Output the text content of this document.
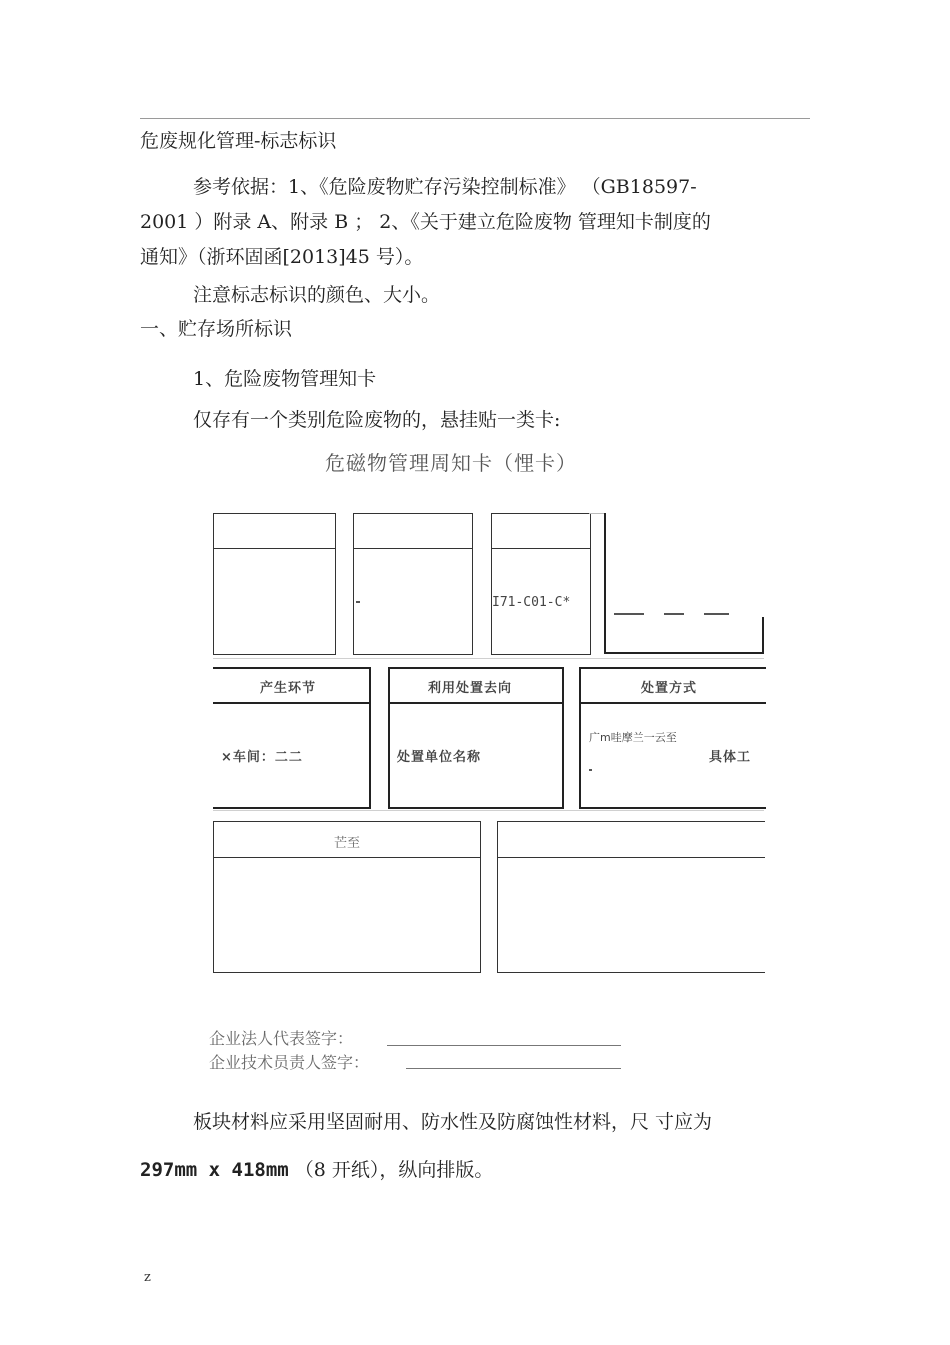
危废规化管理-标志标识
参考依据：1、《危险废物贮存污染控制标准》 （GB18597-
2001 ）附录 A、附录 B ； 2、《关于建立危险废物 管理知卡制度的
通知》（浙环固函[2013]45 号）。
注意标志标识的颜色、大小。
一、贮存场所标识
1、危险废物管理知卡
仅存有一个类别危险废物的，悬挂贴一类卡:
危磁物管理周知卡（悝卡）
I71-C01-C*
产生环节
×车间：二二
利用处置去向
处置单位名称
处置方式
广m哇摩兰一云至
具体工
芒至
企业法人代表签字：
企业技术员责人签字：
板块材料应采用坚固耐用、防水性及防腐蚀性材料，尺 寸应为
297mm x 418mm （8 开纸），纵向排版。
z
